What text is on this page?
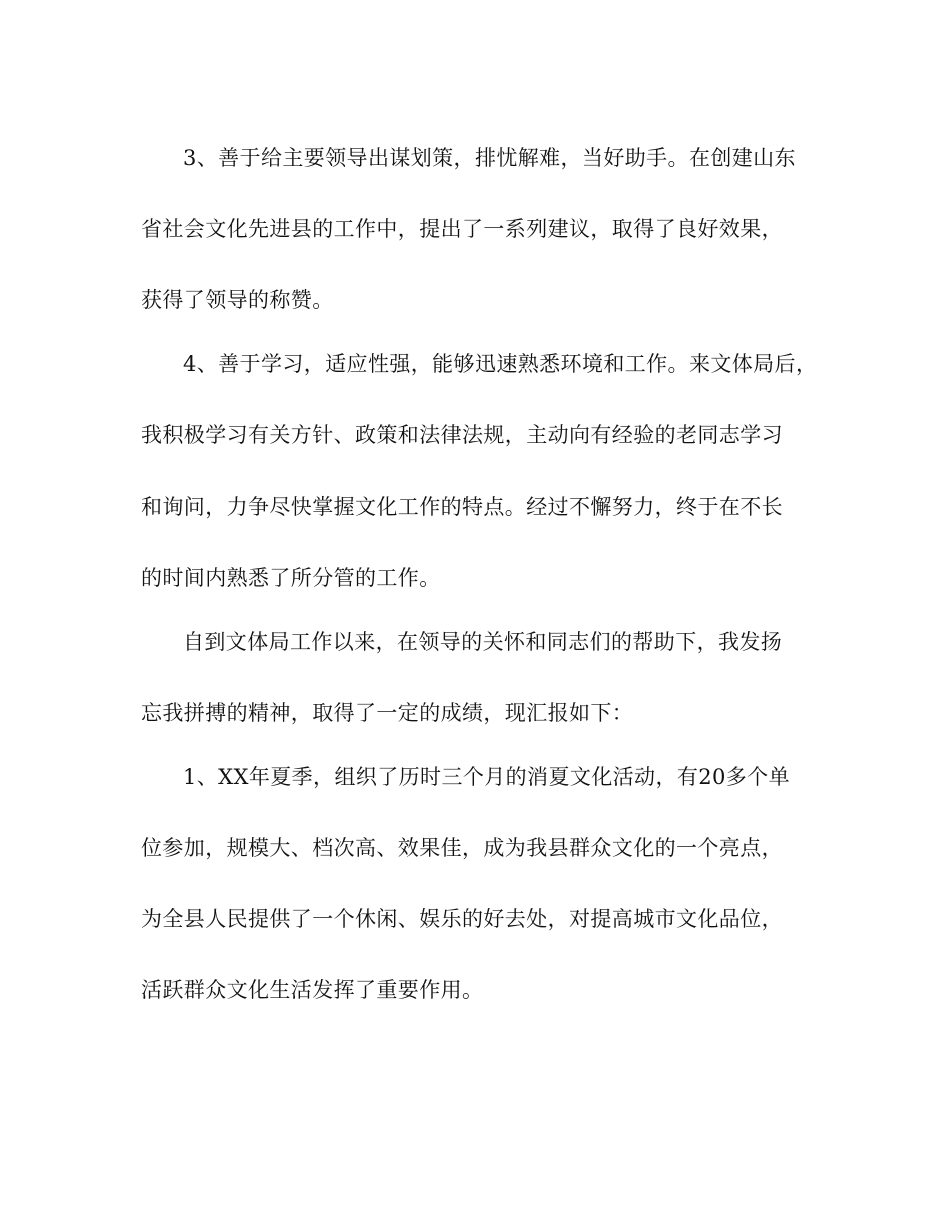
3、善于给主要领导出谋划策，排忧解难，当好助手。在创建山东
省社会文化先进县的工作中，提出了一系列建议，取得了良好效果，
获得了领导的称赞。
4、善于学习，适应性强，能够迅速熟悉环境和工作。来文体局后，
我积极学习有关方针、政策和法律法规，主动向有经验的老同志学习
和询问，力争尽快掌握文化工作的特点。经过不懈努力，终于在不长
的时间内熟悉了所分管的工作。
自到文体局工作以来，在领导的关怀和同志们的帮助下，我发扬
忘我拼搏的精神，取得了一定的成绩，现汇报如下：
1、XX年夏季，组织了历时三个月的消夏文化活动，有20多个单
位参加，规模大、档次高、效果佳，成为我县群众文化的一个亮点，
为全县人民提供了一个休闲、娱乐的好去处，对提高城市文化品位，
活跃群众文化生活发挥了重要作用。
